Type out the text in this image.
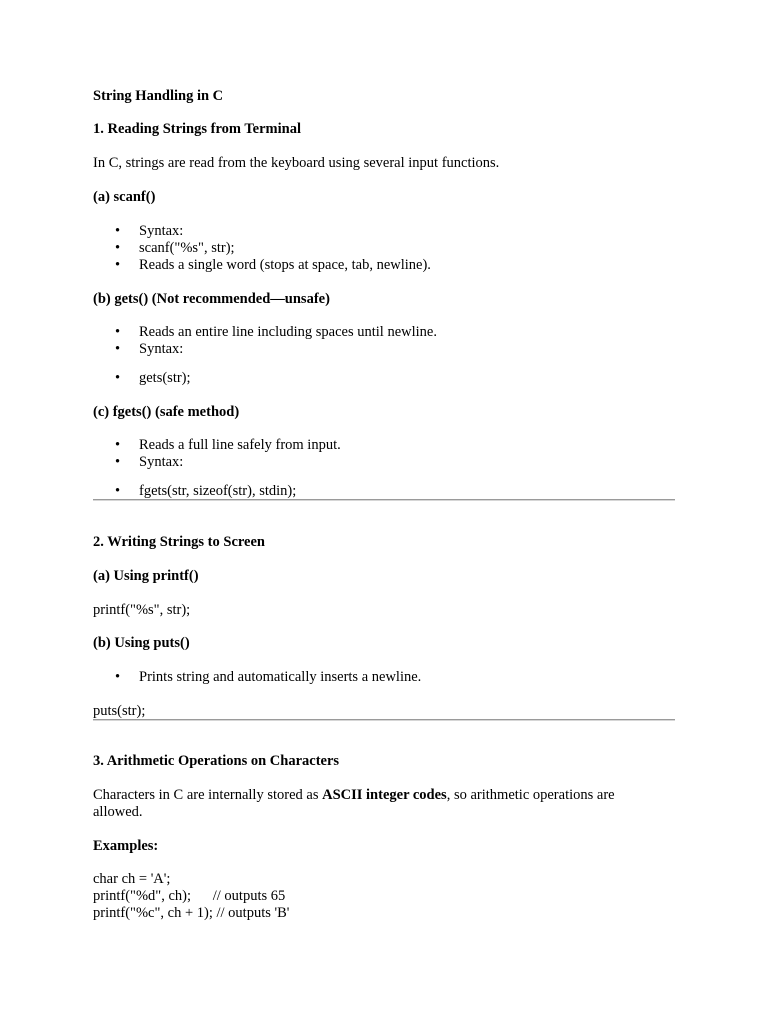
String Handling in C
1. Reading Strings from Terminal
In C, strings are read from the keyboard using several input functions.
(a) scanf()

•

Syntax:

•

scanf("%s", str);

•

Reads a single word (stops at space, tab, newline).

(b) gets() (Not recommended—unsafe)

•

Reads an entire line including spaces until newline.

•

Syntax:

•

gets(str);

(c) fgets() (safe method)

•

Reads a full line safely from input.

•

Syntax:

•

fgets(str, sizeof(str), stdin);

2. Writing Strings to Screen
(a) Using printf()
printf("%s", str);
(b) Using puts()

•

Prints string and automatically inserts a newline.

puts(str);
3. Arithmetic Operations on Characters
Characters in C are internally stored as ASCII integer codes, so arithmetic operations are
allowed.
Examples:
char ch = 'A';
printf("%d", ch);      // outputs 65
printf("%c", ch + 1); // outputs 'B'
